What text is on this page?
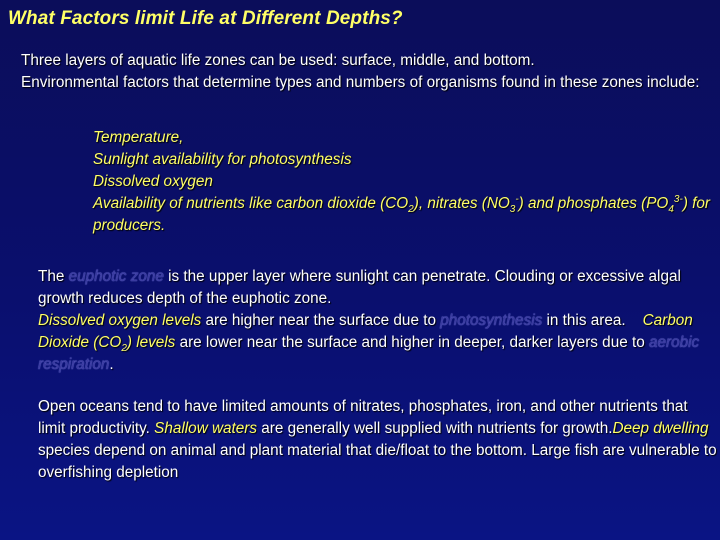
What Factors limit Life at Different Depths?
Three layers of aquatic life zones can be used: surface, middle, and bottom.
Environmental factors that determine types and numbers of organisms found in these zones include:
Temperature,
Sunlight availability for photosynthesis
Dissolved oxygen
Availability of nutrients like carbon dioxide $(CO_2)$, nitrates $(NO_3^-)$ and phosphates $(PO_4^{3-})$ for producers.
The euphotic zone is the upper layer where sunlight can penetrate. Clouding or excessive algal growth reduces depth of the euphotic zone.
Dissolved oxygen levels are higher near the surface due to photosynthesis in this area.    Carbon Dioxide $(CO_2)$ levels are lower near the surface and higher in deeper, darker layers due to aerobic respiration.
Open oceans tend to have limited amounts of nitrates, phosphates, iron, and other nutrients that limit productivity. Shallow waters are generally well supplied with nutrients for growth.Deep dwelling species depend on animal and plant material that die/float to the bottom. Large fish are vulnerable to overfishing depletion
